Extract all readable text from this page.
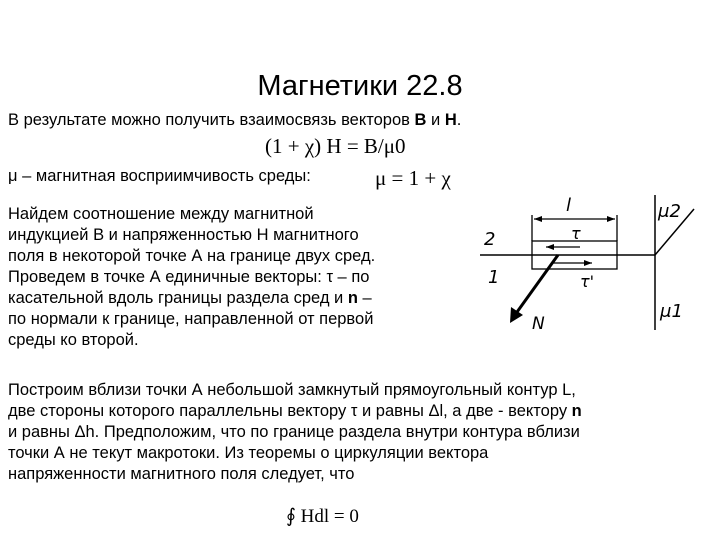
Магнетики 22.8
В результате можно получить взаимосвязь векторов B и H.
(1 + χ) H = B/μ0
μ – магнитная восприимчивость среды:	μ = 1 + χ
Найдем соотношение между магнитной
индукцией B и напряженностью H магнитного
поля в некоторой точке А на границе двух сред.
Проведем в точке А единичные векторы: τ – по
касательной вдоль границы раздела сред и n –
по нормали к границе, направленной от первой
среды ко второй.
l	μ2
2	τ
1	τ'
N
μ1
Построим вблизи точки А небольшой замкнутый прямоугольный контур L,
две стороны которого параллельны вектору τ и равны Δl, а две - вектору n
и равны Δh. Предположим, что по границе раздела внутри контура вблизи
точки А не текут макротоки. Из теоремы о циркуляции вектора
напряженности магнитного поля следует, что
∮ Hdl = 0
